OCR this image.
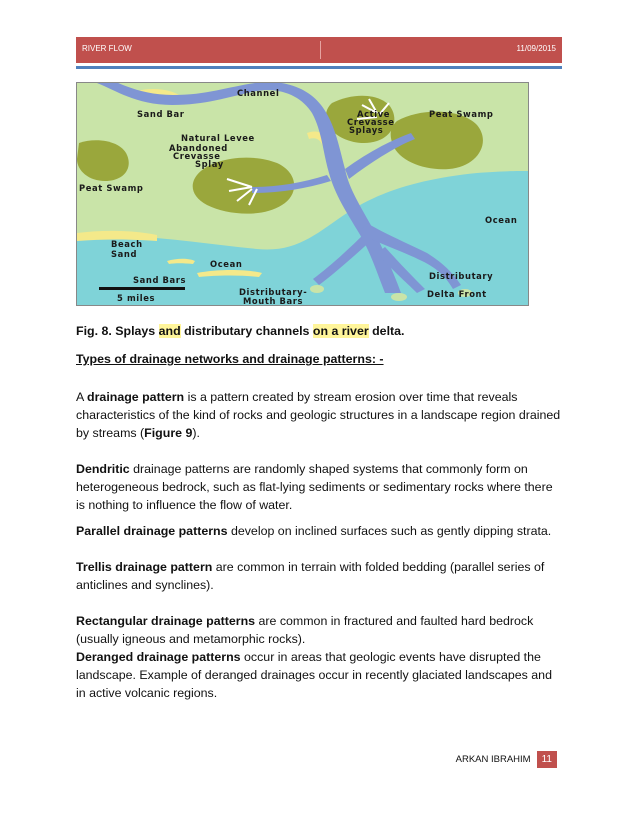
RIVER FLOW	11/09/2015
Channel
Sand Bar	Active
Crevasse
Splays
Peat Swamp
Natural Levee
Abandoned
Crevasse
Splay
Peat Swamp
Ocean
Beach
Sand
Ocean
Sand Bars	Distributary
5 miles
Distributary-
Mouth Bars
Delta Front

Fig. 8. Splays and distributary channels on a river delta.

Types of drainage networks and drainage patterns: -

A drainage pattern is a pattern created by stream erosion over time that reveals characteristics of the kind of rocks and geologic structures in a landscape region drained by streams (Figure 9).

Dendritic drainage patterns are randomly shaped systems that commonly form on heterogeneous bedrock, such as flat-lying sediments or sedimentary rocks where there is nothing to influence the flow of water.

Parallel drainage patterns develop on inclined surfaces such as gently dipping strata.

Trellis drainage pattern are common in terrain with folded bedding (parallel series of anticlines and synclines).

Rectangular drainage patterns are common in fractured and faulted hard bedrock (usually igneous and metamorphic rocks).

Deranged drainage patterns occur in areas that geologic events have disrupted the landscape. Example of deranged drainages occur in recently glaciated landscapes and in active volcanic regions.

ARKAN IBRAHIM	11
